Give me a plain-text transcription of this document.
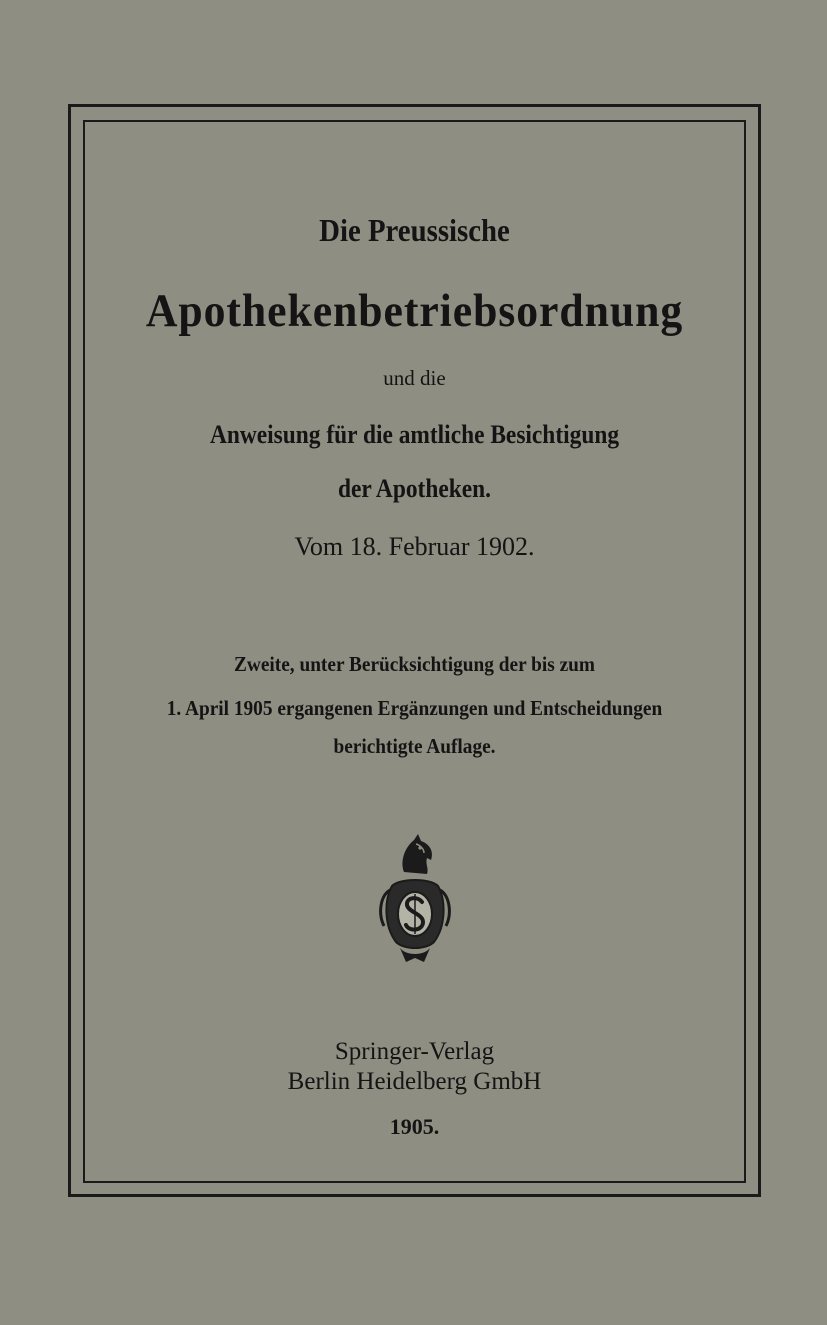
Die Preussische

Apothekenbetriebsordnung

und die

Anweisung für die amtliche Besichtigung

der Apotheken.

Vom 18. Februar 1902.

Zweite, unter Berücksichtigung der bis zum

1. April 1905 ergangenen Ergänzungen und Entscheidungen

berichtigte Auflage.

Springer-Verlag

Berlin Heidelberg GmbH

1905.
